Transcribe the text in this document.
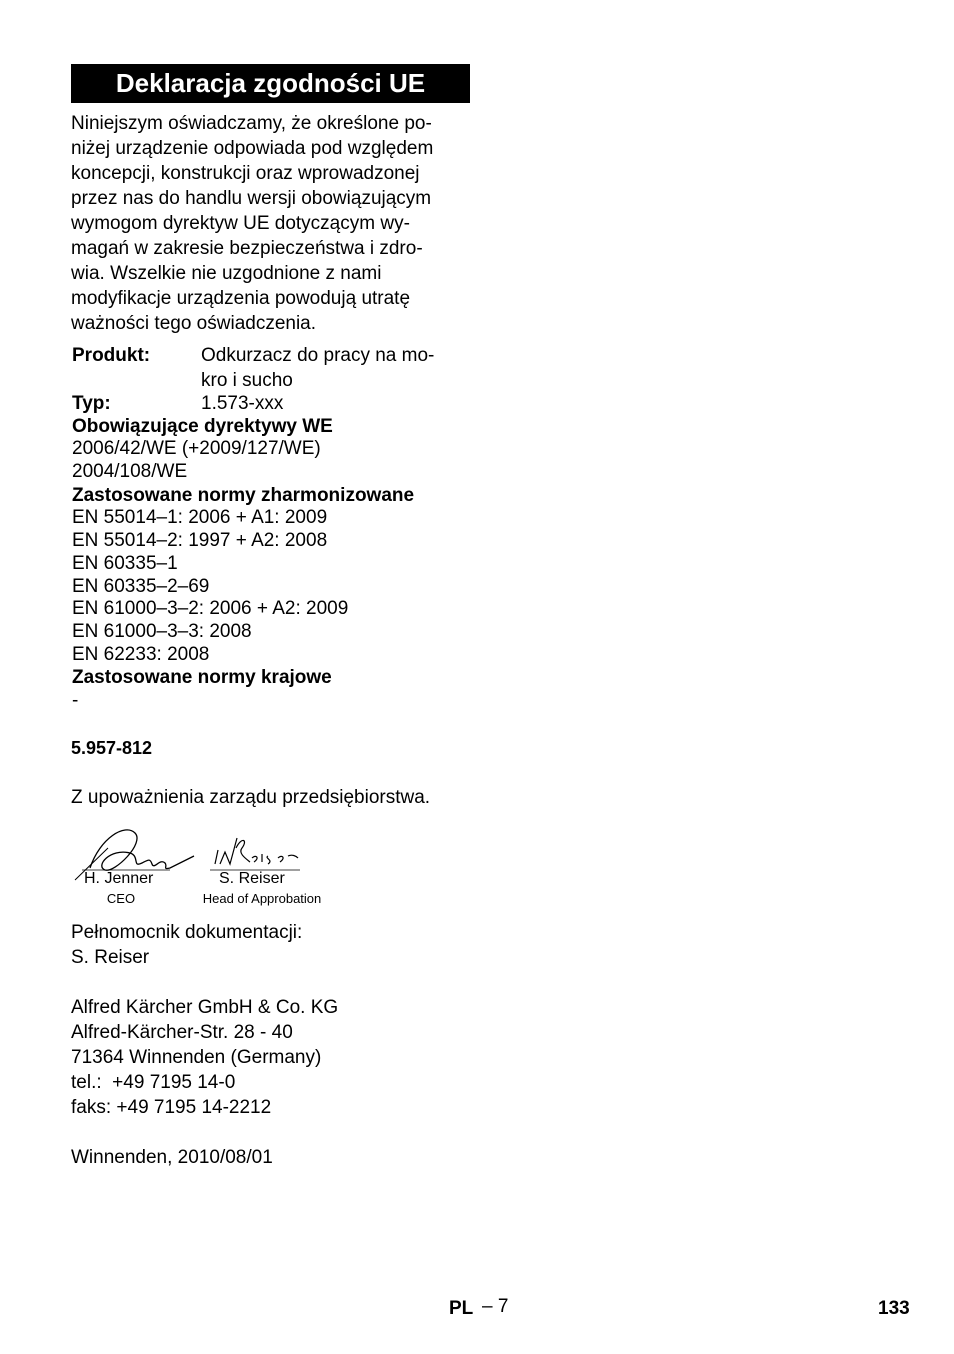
Deklaracja zgodności UE
Niniejszym oświadczamy, że określone po-
niżej urządzenie odpowiada pod względem
koncepcji, konstrukcji oraz wprowadzonej
przez nas do handlu wersji obowiązującym
wymogom dyrektyw UE dotyczącym wy-
magań w zakresie bezpieczeństwa i zdro-
wia. Wszelkie nie uzgodnione z nami
modyfikacje urządzenia powodują utratę
ważności tego oświadczenia.
Produkt:	Odkurzacz do pracy na mo-
kro i sucho
Typ:	1.573-xxx
Obowiązujące dyrektywy WE
2006/42/WE (+2009/127/WE)
2004/108/WE
Zastosowane normy zharmonizowane
EN 55014–1: 2006 + A1: 2009
EN 55014–2: 1997 + A2: 2008
EN 60335–1
EN 60335–2–69
EN 61000–3–2: 2006 + A2: 2009
EN 61000–3–3: 2008
EN 62233: 2008
Zastosowane normy krajowe
-
5.957-812
Z upoważnienia zarządu przedsiębiorstwa.
H. Jenner
CEO
S. Reiser
Head of Approbation
Pełnomocnik dokumentacji:
S. Reiser
Alfred Kärcher GmbH & Co. KG
Alfred-Kärcher-Str. 28 - 40
71364 Winnenden (Germany)
tel.:  +49 7195 14-0
faks: +49 7195 14-2212
Winnenden, 2010/08/01
PL – 7	133
